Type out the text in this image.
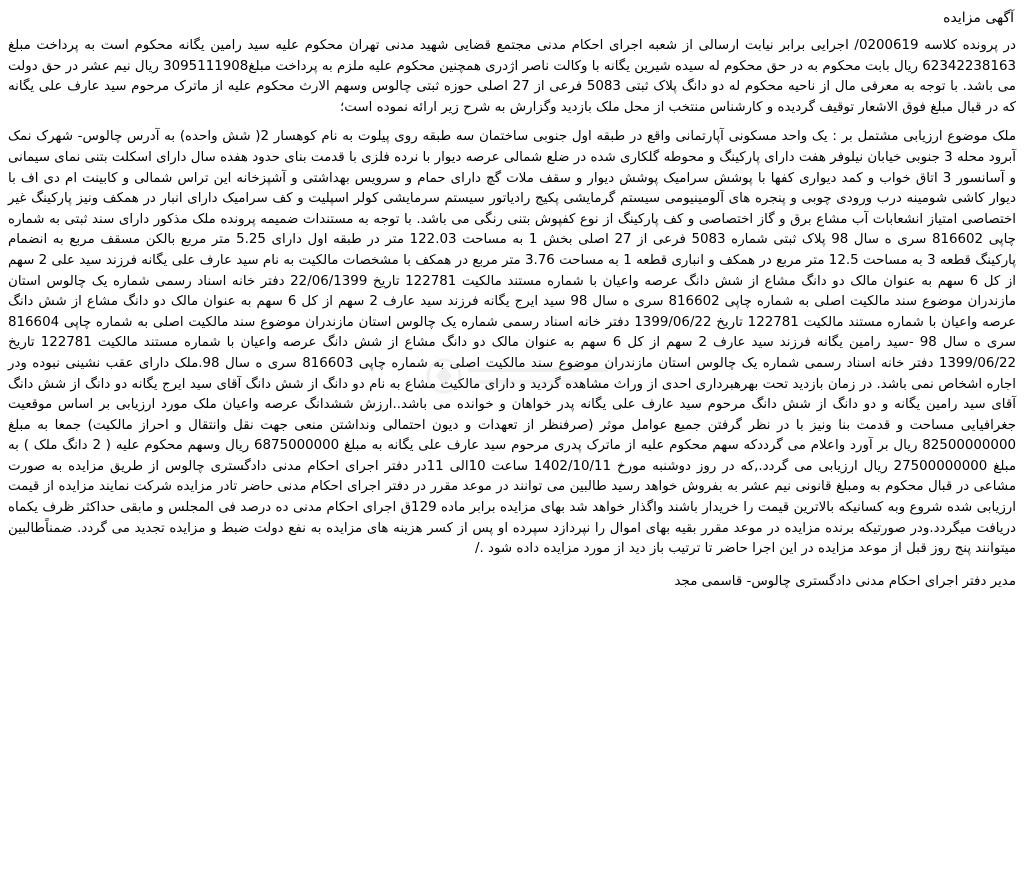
آگهی مزایده

در پرونده کلاسه 0200619/ اجرایی برابر نیابت ارسالی از شعبه اجرای احکام مدنی مجتمع قضایی شهید مدنی تهران محکوم علیه سید رامین یگانه محکوم است به پرداخت مبلغ 62342238163 ریال بابت محکوم به در حق محکوم له سیده شیرین یگانه با وکالت ناصر اژدری همچنین محکوم علیه ملزم به پرداخت مبلغ3095111908 ریال نیم عشر در حق دولت می باشد. با توجه به معرفی مال از ناحیه محکوم له دو دانگ پلاک ثبتی 5083 فرعی از 27 اصلی حوزه ثبتی چالوس وسهم الارث محکوم علیه از ماترک مرحوم سید عارف علی یگانه که در قبال مبلغ فوق الاشعار توقیف گردیده و کارشناس منتخب از محل ملک بازدید وگزارش به شرح زیر ارائه نموده است؛

ملک موضوع ارزیابی مشتمل بر : یک واحد مسکونی آپارتمانی واقع در طبقه اول جنوبی ساختمان سه طبقه روی پیلوت به نام کوهسار 2( شش واحده) به آدرس چالوس- شهرک نمک آبرود محله 3 جنوبی خیابان نیلوفر هفت دارای پارکینگ و محوطه گلکاری شده در ضلع شمالی عرصه دیوار با نرده فلزی با قدمت بنای حدود هفده سال دارای اسکلت بتنی نمای سیمانی و آسانسور 3 اتاق خواب و کمد دیواری کفها با پوشش سرامیک پوشش دیوار و سقف ملات گچ دارای حمام و سرویس بهداشتی و آشپزخانه این تراس شمالی و کابینت ام دی اف با دیوار کاشی شومینه درب ورودی چوبی و پنجره های آلومینیومی سیستم گرمایشی پکیج رادیاتور سیستم سرمایشی کولر اسپلیت و کف سرامیک دارای انبار در همکف ونیز پارکینگ غیر اختصاصی امتیاز انشعابات آب مشاع برق و گاز اختصاصی و کف پارکینگ از نوع کفپوش بتنی رنگی می باشد. با توجه به مستندات ضمیمه پرونده ملک مذکور دارای سند ثبتی به شماره چاپی 816602 سری ه سال 98 پلاک ثبتی شماره 5083 فرعی از 27 اصلی بخش 1 به مساحت 122.03 متر در طبقه اول دارای 5.25 متر مربع بالکن مسقف مربع به انضمام پارکینگ قطعه 3 به مساحت 12.5 متر مربع در همکف و انباری قطعه 1 به مساحت 3.76 متر مربع در همکف با مشخصات مالکیت به نام سید عارف علی یگانه فرزند سید علی 2 سهم از کل 6 سهم به عنوان مالک دو دانگ مشاع از شش دانگ عرصه واعیان با شماره مستند مالکیت 122781 تاریخ 22/06/1399 دفتر خانه اسناد رسمی شماره یک چالوس استان مازندران موضوع سند مالکیت اصلی به شماره چاپی 816602 سری ه سال 98 سید ایرج یگانه فرزند سید عارف 2 سهم از کل 6 سهم به عنوان مالک دو دانگ مشاع از شش دانگ عرصه واعیان با شماره مستند مالکیت 122781 تاریخ 1399/06/22 دفتر خانه اسناد رسمی شماره یک چالوس استان مازندران موضوع سند مالکیت اصلی به شماره چاپی 816604 سری ه سال 98 -سید رامین یگانه فرزند سید عارف 2 سهم از کل 6 سهم به عنوان مالک دو دانگ مشاع از شش دانگ عرصه واعیان با شماره مستند مالکیت 122781 تاریخ 1399/06/22 دفتر خانه اسناد رسمی شماره یک چالوس استان مازندران موضوع سند مالکیت اصلی به شماره چاپی 816603 سری ه سال 98.ملک دارای عقب نشینی نبوده ودر اجاره اشخاص نمی باشد. در زمان بازدید تحت بهرهبرداری احدی از وراث مشاهده گردید و دارای مالکیت مشاع به نام دو دانگ از شش دانگ آقای سید ایرج یگانه دو دانگ از شش دانگ آقای سید رامین یگانه و دو دانگ از شش دانگ مرحوم سید عارف علی یگانه پدر خواهان و خوانده می باشد..ارزش ششدانگ عرصه واعیان ملک مورد ارزیابی بر اساس موقعیت جغرافیایی مساحت و قدمت بنا ونیز با در نظر گرفتن جمیع عوامل موثر (صرفنظر از تعهدات و دیون احتمالی ونداشتن منعی جهت نقل وانتقال و احراز مالکیت) جمعا به مبلغ 82500000000 ریال بر آورد واعلام می گرددکه سهم محکوم علیه از ماترک پدری مرحوم سید عارف علی یگانه به مبلغ 6875000000 ریال وسهم محکوم علیه ( 2 دانگ ملک ) به مبلغ 27500000000 ریال ارزیابی می گردد.,که در روز دوشنبه مورخ 1402/10/11 ساعت 10الی 11در دفتر اجرای احکام مدنی دادگستری چالوس از طریق مزایده به صورت مشاعی در قبال محکوم به ومبلغ قانونی نیم عشر به بفروش خواهد رسید طالبین می توانند در موعد مقرر در دفتر اجرای احکام مدنی حاضر تادر مزایده شرکت نمایند مزایده از قیمت ارزیابی شده شروع وبه کسانیکه بالاترین قیمت را خریدار باشند واگذار خواهد شد بهای مزایده برابر ماده 129ق اجرای احکام مدنی ده درصد فی المجلس و مابقی حداکثر ظرف یکماه دریافت میگردد.ودر صورتیکه برنده مزایده در موعد مقرر بقیه بهای اموال را نپردازد سپرده او پس از کسر هزینه های مزایده به نفع دولت ضبط و مزایده تجدید می گردد. ضمناًطالبین میتوانند پنج روز قبل از موعد مزایده در این اجرا حاضر تا ترتیب باز دید از مورد مزایده داده شود ./

مدیر دفتر اجرای احکام مدنی دادگستری چالوس- قاسمی مجد
